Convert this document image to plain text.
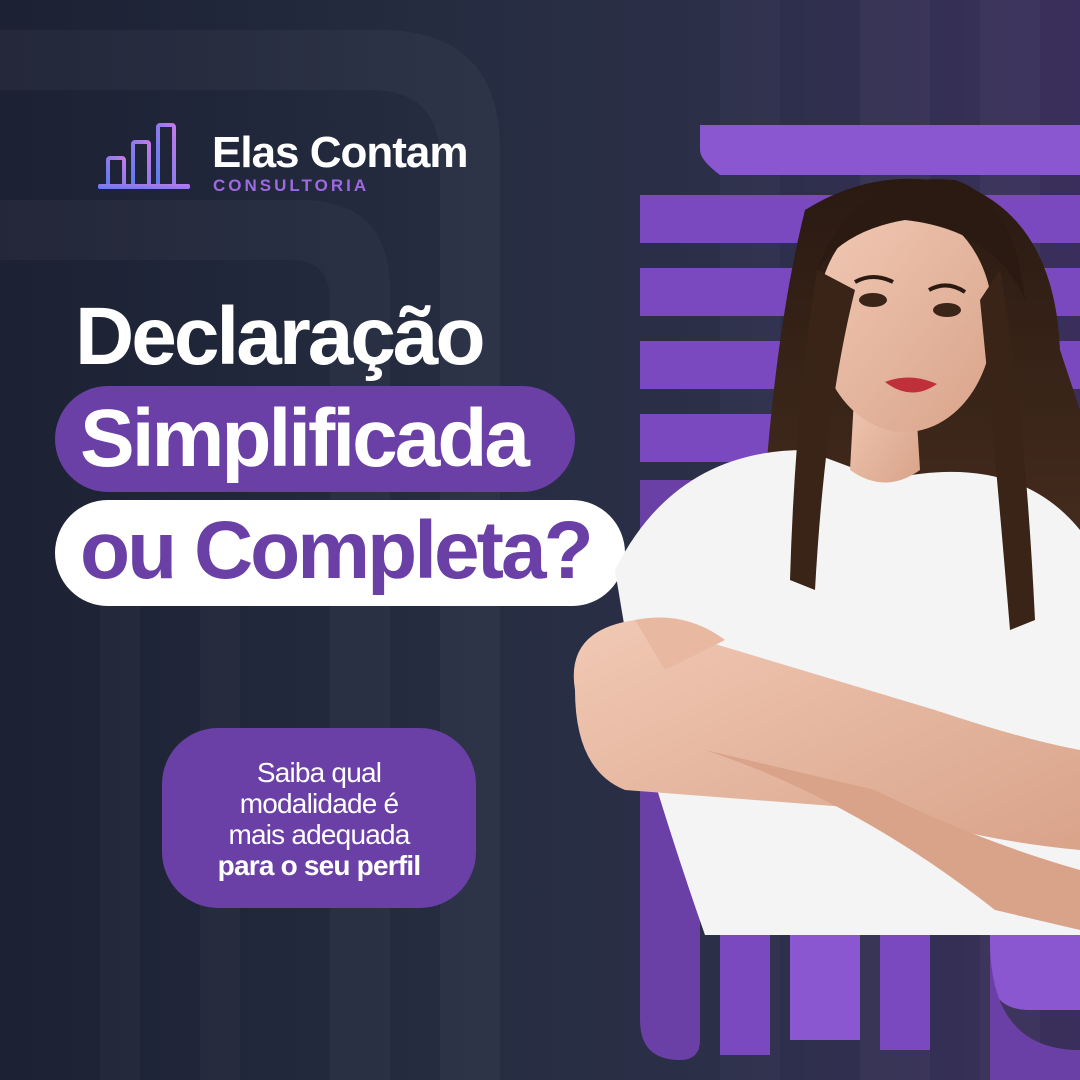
Elas Contam
CONSULTORIA
Declaração
Simplificada
ou Completa?
Saiba qual
modalidade é
mais adequada
para o seu perfil
